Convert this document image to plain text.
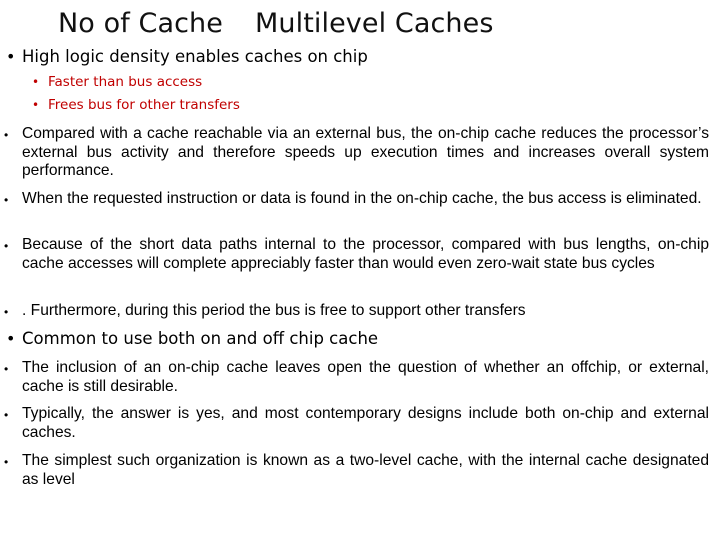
No of Cache Multilevel Caches
• High logic density enables caches on chip
• Faster than bus access
• Frees bus for other transfers
• Compared with a cache reachable via an external bus, the on-chip cache reduces the processor’s external bus activity and therefore speeds up execution times and increases overall system performance.
• When the requested instruction or data is found in the on-chip cache, the bus access is eliminated.
• Because of the short data paths internal to the processor, compared with bus lengths, on-chip cache accesses will complete appreciably faster than would even zero-wait state bus cycles
• . Furthermore, during this period the bus is free to support other transfers
• Common to use both on and off chip cache
• The inclusion of an on-chip cache leaves open the question of whether an offchip, or external, cache is still desirable.
• Typically, the answer is yes, and most contemporary designs include both on-chip and external caches.
• The simplest such organization is known as a two-level cache, with the internal cache designated as level
